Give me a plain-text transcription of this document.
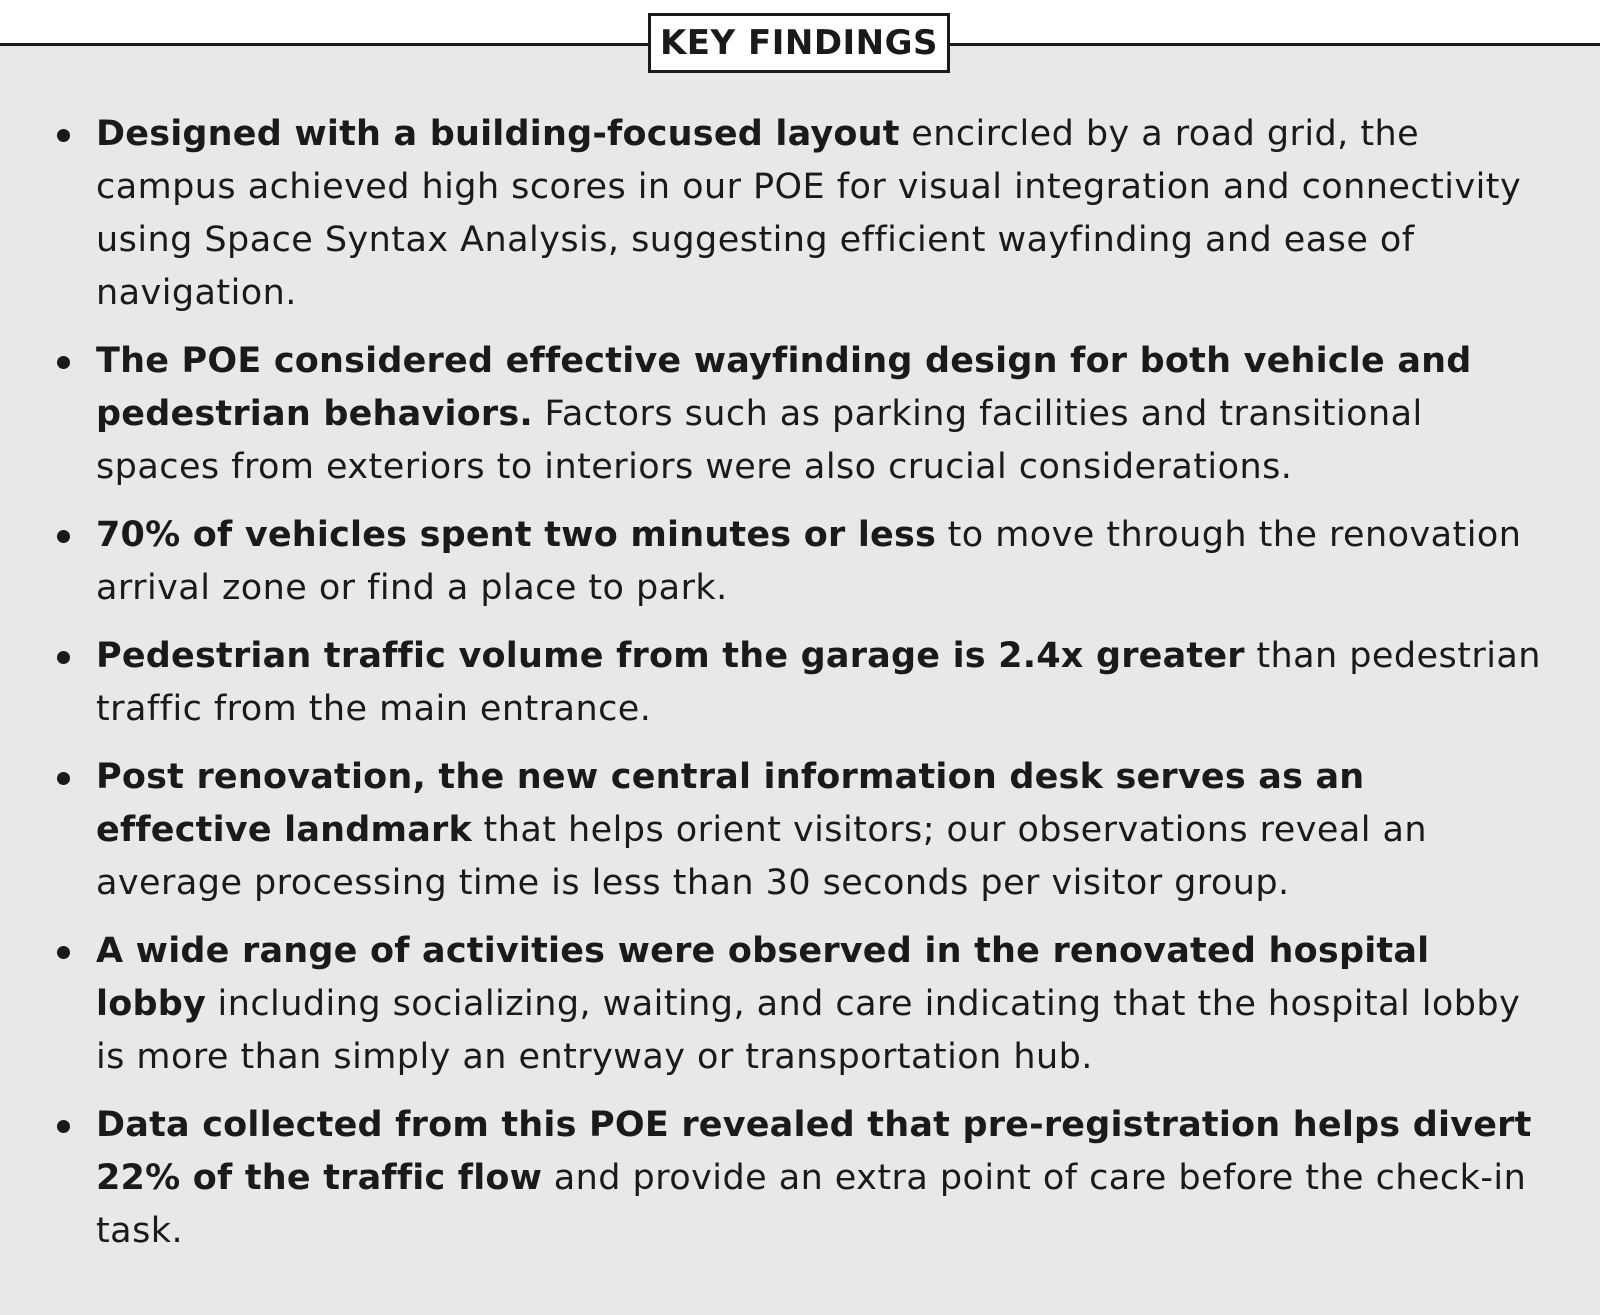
KEY FINDINGS
Designed with a building-focused layout encircled by a road grid, the campus achieved high scores in our POE for visual integration and connectivity using Space Syntax Analysis, suggesting efficient wayfinding and ease of navigation.
The POE considered effective wayfinding design for both vehicle and pedestrian behaviors. Factors such as parking facilities and transitional spaces from exteriors to interiors were also crucial considerations.
70% of vehicles spent two minutes or less to move through the renovation arrival zone or find a place to park.
Pedestrian traffic volume from the garage is 2.4x greater than pedestrian traffic from the main entrance.
Post renovation, the new central information desk serves as an effective landmark that helps orient visitors; our observations reveal an average processing time is less than 30 seconds per visitor group.
A wide range of activities were observed in the renovated hospital lobby including socializing, waiting, and care indicating that the hospital lobby is more than simply an entryway or transportation hub.
Data collected from this POE revealed that pre-registration helps divert 22% of the traffic flow and provide an extra point of care before the check-in task.
